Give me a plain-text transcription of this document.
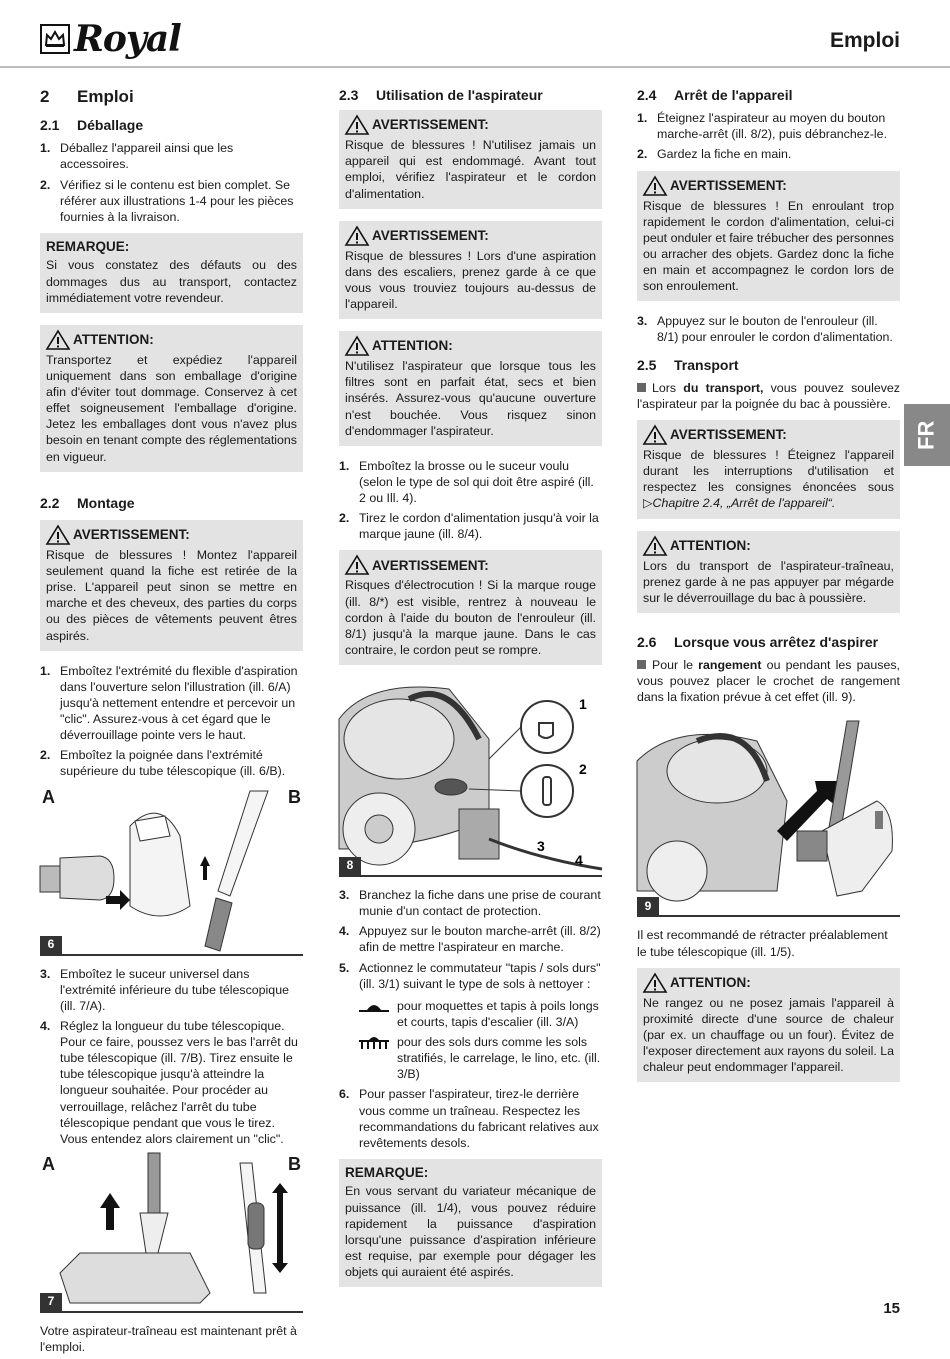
Royal	Emploi
2 Emploi
2.1 Déballage
1. Déballez l'appareil ainsi que les accessoires.
2. Vérifiez si le contenu est bien complet. Se référer aux illustrations 1-4 pour les pièces fournies à la livraison.
REMARQUE:

Si vous constatez des défauts ou des dommages dus au transport, contactez immédiatement votre revendeur.

ATTENTION:

Transportez et expédiez l'appareil uniquement dans son emballage d'origine afin d'éviter tout dommage. Conservez à cet effet soigneusement l'emballage d'origine. Jetez les emballages dont vous n'avez plus besoin en tenant compte des réglementations en vigueur.

2.2 Montage
AVERTISSEMENT:

Risque de blessures ! Montez l'appareil seulement quand la fiche est retirée de la prise. L'appareil peut sinon se mettre en marche et des cheveux, des parties du corps ou des pièces de vêtements peuvent êtres aspirés.

1. Emboîtez l'extrémité du flexible d'aspiration dans l'ouverture selon l'illustration (ill. 6/A) jusqu'à nettement entendre et percevoir un "clic". Assurez-vous à cet égard que le déverrouillage pointe vers le haut.
2. Emboîtez la poignée dans l'extrémité supérieure du tube télescopique (ill. 6/B).
A	B
6
3. Emboîtez le suceur universel dans l'extrémité inférieure du tube télescopique (ill. 7/A).
4. Réglez la longueur du tube télescopique. Pour ce faire, poussez vers le bas l'arrêt du tube télescopique (ill. 7/B). Tirez ensuite le tube télescopique jusqu'à atteindre la longueur souhaitée. Pour procéder au verrouillage, relâchez l'arrêt du tube télescopique pendant que vous le tirez. Vous entendez alors clairement un "clic".
A	B
7

Votre aspirateur-traîneau est maintenant prêt à l'emploi.

2.3 Utilisation de l'aspirateur
AVERTISSEMENT:

Risque de blessures ! N'utilisez jamais un appareil qui est endommagé. Avant tout emploi, vérifiez l'aspirateur et le cordon d'alimentation.

AVERTISSEMENT:

Risque de blessures ! Lors d'une aspiration dans des escaliers, prenez garde à ce que vous vous trouviez toujours au-dessus de l'appareil.

ATTENTION:

N'utilisez l'aspirateur que lorsque tous les filtres sont en parfait état, secs et bien insérés. Assurez-vous qu'aucune ouverture n'est bouchée. Vous risquez sinon d'endommager l'aspirateur.

1. Emboîtez la brosse ou le suceur voulu (selon le type de sol qui doit être aspiré (ill. 2 ou Ill. 4).
2. Tirez le cordon d'alimentation jusqu'à voir la marque jaune (ill. 8/4).
AVERTISSEMENT:

Risques d'électrocution ! Si la marque rouge (ill. 8/*) est visible, rentrez à nouveau le cordon à l'aide du bouton de l'enrouleur (ill. 8/1) jusqu'à la marque jaune. Dans le cas contraire, le cordon peut se rompre.

1
2
3
4
8
3. Branchez la fiche dans une prise de courant munie d'un contact de protection.
4. Appuyez sur le bouton marche-arrêt (ill. 8/2) afin de mettre l'aspirateur en marche.
5. Actionnez le commutateur "tapis / sols durs" (ill. 3/1) suivant le type de sols à nettoyer :
pour moquettes et tapis à poils longs et courts, tapis d'escalier (ill. 3/A)
pour des sols durs comme les sols stratifiés, le carrelage, le lino, etc. (ill. 3/B)
6. Pour passer l'aspirateur, tirez-le derrière vous comme un traîneau. Respectez les recommandations du fabricant relatives aux revêtements desols.
REMARQUE:

En vous servant du variateur mécanique de puissance (ill. 1/4), vous pouvez réduire rapidement la puissance d'aspiration lorsqu'une puissance d'aspiration inférieure est requise, par exemple pour dégager les objets qui auraient été aspirés.

2.4 Arrêt de l'appareil
1. Éteignez l'aspirateur au moyen du bouton marche-arrêt (ill. 8/2), puis débranchez-le.
2. Gardez la fiche en main.
AVERTISSEMENT:

Risque de blessures ! En enroulant trop rapidement le cordon d'alimentation, celui-ci peut onduler et faire trébucher des personnes ou arracher des objets. Gardez donc la fiche en main et accompagnez le cordon lors de son enroulement.

3. Appuyez sur le bouton de l'enrouleur (ill. 8/1) pour enrouler le cordon d'alimentation.
2.5 Transport

Lors du transport, vous pouvez soulevez l'aspirateur par la poignée du bac à poussière.

AVERTISSEMENT:

Risque de blessures ! Éteignez l'appareil durant les interruptions d'utilisation et respectez les consignes énoncées sous ▷Chapitre 2.4, „Arrêt de l'appareil“.

ATTENTION:

Lors du transport de l'aspirateur-traîneau, prenez garde à ne pas appuyer par mégarde sur le déverrouillage du bac à poussière.

2.6 Lorsque vous arrêtez d'aspirer

Pour le rangement ou pendant les pauses, vous pouvez placer le crochet de rangement dans la fixation prévue à cet effet (ill. 9).

9

Il est recommandé de rétracter préalablement le tube télescopique (ill. 1/5).

ATTENTION:

Ne rangez ou ne posez jamais l'appareil à proximité directe d'une source de chaleur (par ex. un chauffage ou un four). Évitez de l'exposer directement aux rayons du soleil. La chaleur peut endommager l'appareil.

FR
15
